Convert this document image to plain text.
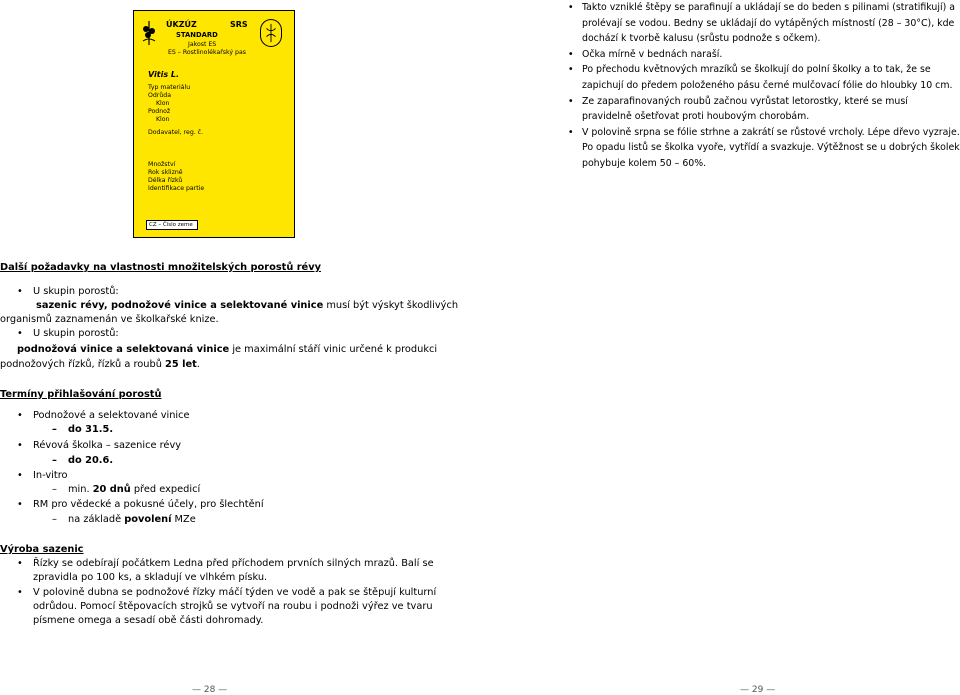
ÚKZÚZ	SRS
STANDARD
Jakost ES
ES – Rostlinolékařský pas
Vitis L.
Typ materiálu
Odrůda
Klon
Podnož
Klon
Dodavatel, reg. č.
Množství
Rok sklizně
Délka řízků
Identifikace partie
CZ – Číslo zeme
• Takto vzniklé štěpy se parafinují a ukládají se do beden s pilinami (stratifikují) a prolévají se vodou. Bedny se ukládají do vytápěných místností (28 – 30°C), kde dochází k tvorbě kalusu (srůstu podnože s očkem).
• Očka mírně v bednách naraší.
• Po přechodu květnových mrazíků se školkují do polní školky a to tak, že se zapichují do předem položeného pásu černé mulčovací fólie do hloubky 10 cm.
• Ze zaparafinovaných roubů začnou vyrůstat letorostky, které se musí pravidelně ošetřovat proti houbovým chorobám.
• V polovině srpna se fólie strhne a zakrátí se růstové vrcholy. Lépe dřevo vyzraje. Po opadu listů se školka vyoře, vytřídí a svazkuje. Výtěžnost se u dobrých školek pohybuje kolem 50 – 60%.
Další požadavky na vlastnosti množitelských porostů révy
• U skupin porostů:
sazenic révy, podnožové vinice a selektované vinice musí být výskyt škodlivých
organismů zaznamenán ve školkařské knize.
• U skupin porostů:
podnožová vinice a selektovaná vinice je maximální stáří vinic určené k produkci
podnožových řízků, řízků a roubů 25 let.
Termíny přihlašování porostů
• Podnožové a selektované vinice
– do 31.5.
• Révová školka – sazenice révy
– do 20.6.
• In-vitro
– min. 20 dnů před expedicí
• RM pro vědecké a pokusné účely, pro šlechtění
– na základě povolení MZe
Výroba sazenic
• Řízky se odebírají počátkem Ledna před příchodem prvních silných mrazů. Balí se
zpravidla po 100 ks, a skladují ve vlhkém písku.
• V polovině dubna se podnožové řízky máčí týden ve vodě a pak se štěpují kulturní
odrůdou. Pomocí štěpovacích strojků se vytvoří na roubu i podnoži výřez ve tvaru
písmene omega a sesadí obě části dohromady.
— 28 —	— 29 —
